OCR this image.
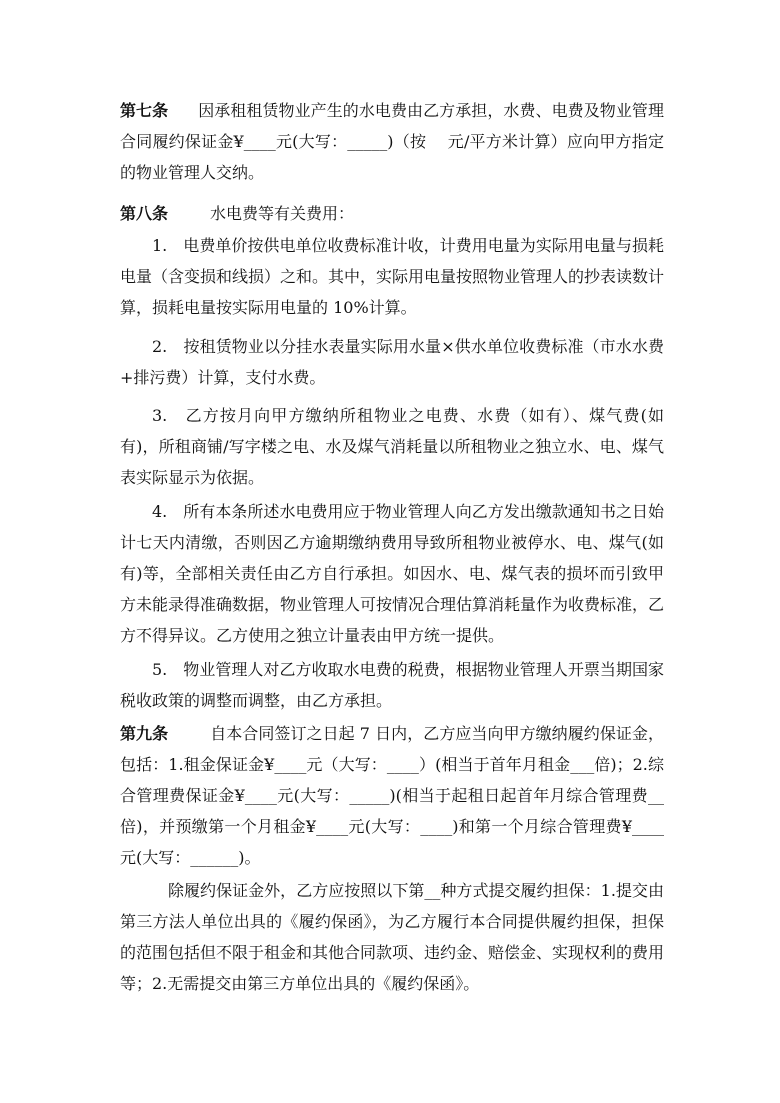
第七条 因承租租赁物业产生的水电费由乙方承担，水费、电费及物业管理合同履约保证金¥____元(大写：_____)（按　 元/平方米计算）应向甲方指定的物业管理人交纳。

第八条	水电费等有关费用：

1.　电费单价按供电单位收费标准计收，计费用电量为实际用电量与损耗电量（含变损和线损）之和。其中，实际用电量按照物业管理人的抄表读数计算，损耗电量按实际用电量的 10%计算。

2.　按租赁物业以分挂水表量实际用水量×供水单位收费标准（市水水费+排污费）计算，支付水费。

3.　乙方按月向甲方缴纳所租物业之电费、水费（如有）、煤气费(如有)，所租商铺/写字楼之电、水及煤气消耗量以所租物业之独立水、电、煤气表实际显示为依据。

4.　所有本条所述水电费用应于物业管理人向乙方发出缴款通知书之日始计七天内清缴，否则因乙方逾期缴纳费用导致所租物业被停水、电、煤气(如有)等，全部相关责任由乙方自行承担。如因水、电、煤气表的损坏而引致甲方未能录得准确数据，物业管理人可按情况合理估算消耗量作为收费标准，乙方不得异议。乙方使用之独立计量表由甲方统一提供。

5.　物业管理人对乙方收取水电费的税费，根据物业管理人开票当期国家税收政策的调整而调整，由乙方承担。

第九条	自本合同签订之日起 7 日内，乙方应当向甲方缴纳履约保证金，包括：1.租金保证金¥____元（大写：____）(相当于首年月租金___倍)；2.综合管理费保证金¥____元(大写：_____)(相当于起租日起首年月综合管理费__倍)，并预缴第一个月租金¥____元(大写：____)和第一个月综合管理费¥____元(大写：______)。

除履约保证金外，乙方应按照以下第__种方式提交履约担保：1.提交由第三方法人单位出具的《履约保函》，为乙方履行本合同提供履约担保，担保的范围包括但不限于租金和其他合同款项、违约金、赔偿金、实现权利的费用等；2.无需提交由第三方单位出具的《履约保函》。
